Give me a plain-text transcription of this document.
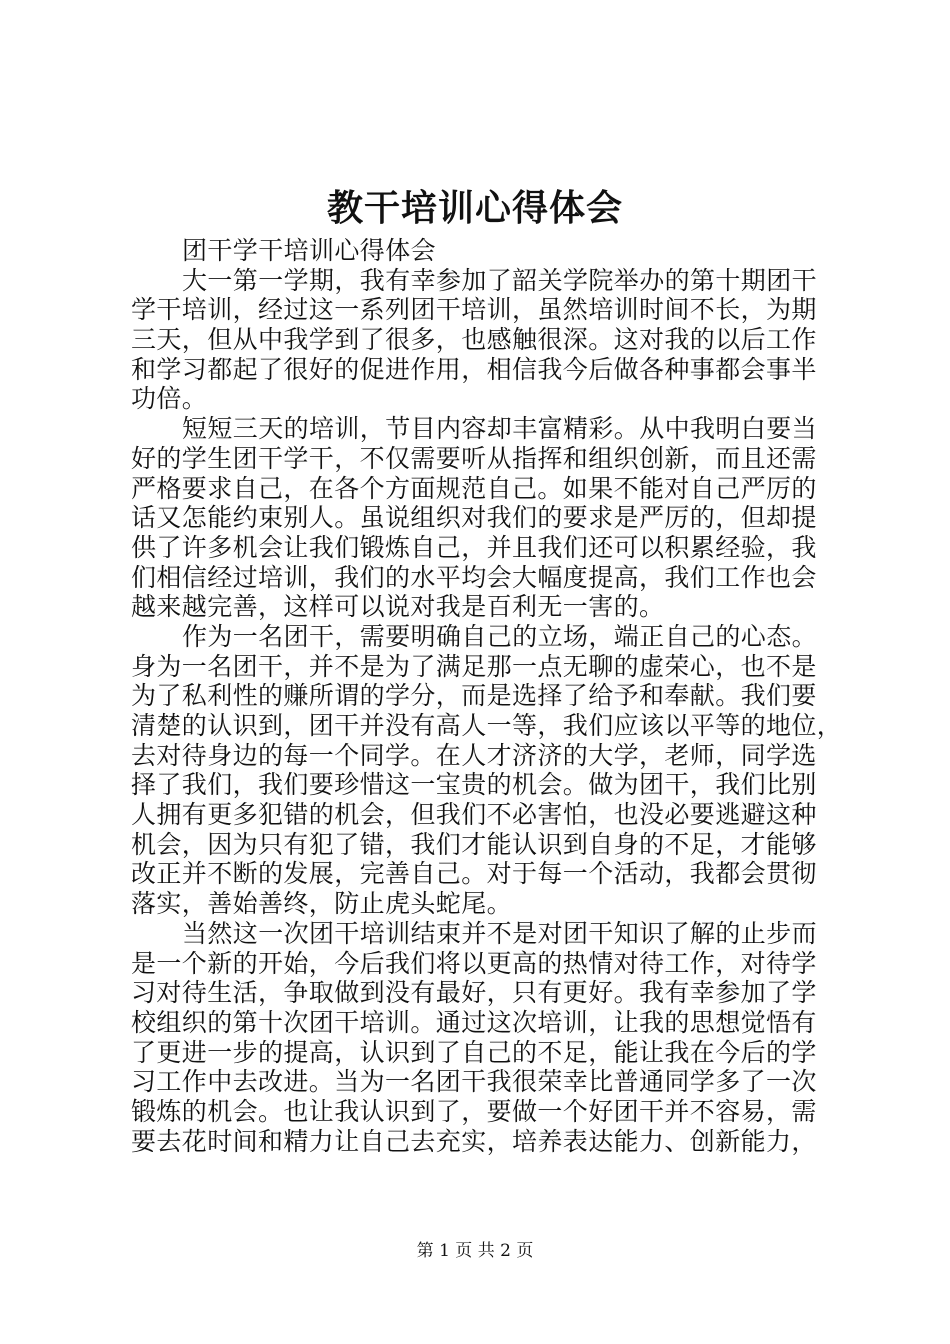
教干培训心得体会
团干学干培训心得体会
大一第一学期，我有幸参加了韶关学院举办的第十期团干
学干培训，经过这一系列团干培训，虽然培训时间不长，为期
三天，但从中我学到了很多，也感触很深。这对我的以后工作
和学习都起了很好的促进作用，相信我今后做各种事都会事半
功倍。
短短三天的培训，节目内容却丰富精彩。从中我明白要当
好的学生团干学干，不仅需要听从指挥和组织创新，而且还需
严格要求自己，在各个方面规范自己。如果不能对自己严厉的
话又怎能约束别人。虽说组织对我们的要求是严厉的，但却提
供了许多机会让我们锻炼自己，并且我们还可以积累经验，我
们相信经过培训，我们的水平均会大幅度提高，我们工作也会
越来越完善，这样可以说对我是百利无一害的。
作为一名团干，需要明确自己的立场，端正自己的心态。
身为一名团干，并不是为了满足那一点无聊的虚荣心，也不是
为了私利性的赚所谓的学分，而是选择了给予和奉献。我们要
清楚的认识到，团干并没有高人一等，我们应该以平等的地位，
去对待身边的每一个同学。在人才济济的大学，老师，同学选
择了我们，我们要珍惜这一宝贵的机会。做为团干，我们比别
人拥有更多犯错的机会，但我们不必害怕，也没必要逃避这种
机会，因为只有犯了错，我们才能认识到自身的不足，才能够
改正并不断的发展，完善自己。对于每一个活动，我都会贯彻
落实，善始善终，防止虎头蛇尾。
当然这一次团干培训结束并不是对团干知识了解的止步而
是一个新的开始，今后我们将以更高的热情对待工作，对待学
习对待生活，争取做到没有最好，只有更好。我有幸参加了学
校组织的第十次团干培训。通过这次培训，让我的思想觉悟有
了更进一步的提高，认识到了自己的不足，能让我在今后的学
习工作中去改进。当为一名团干我很荣幸比普通同学多了一次
锻炼的机会。也让我认识到了，要做一个好团干并不容易，需
要去花时间和精力让自己去充实，培养表达能力、创新能力，
第 1 页 共 2 页
